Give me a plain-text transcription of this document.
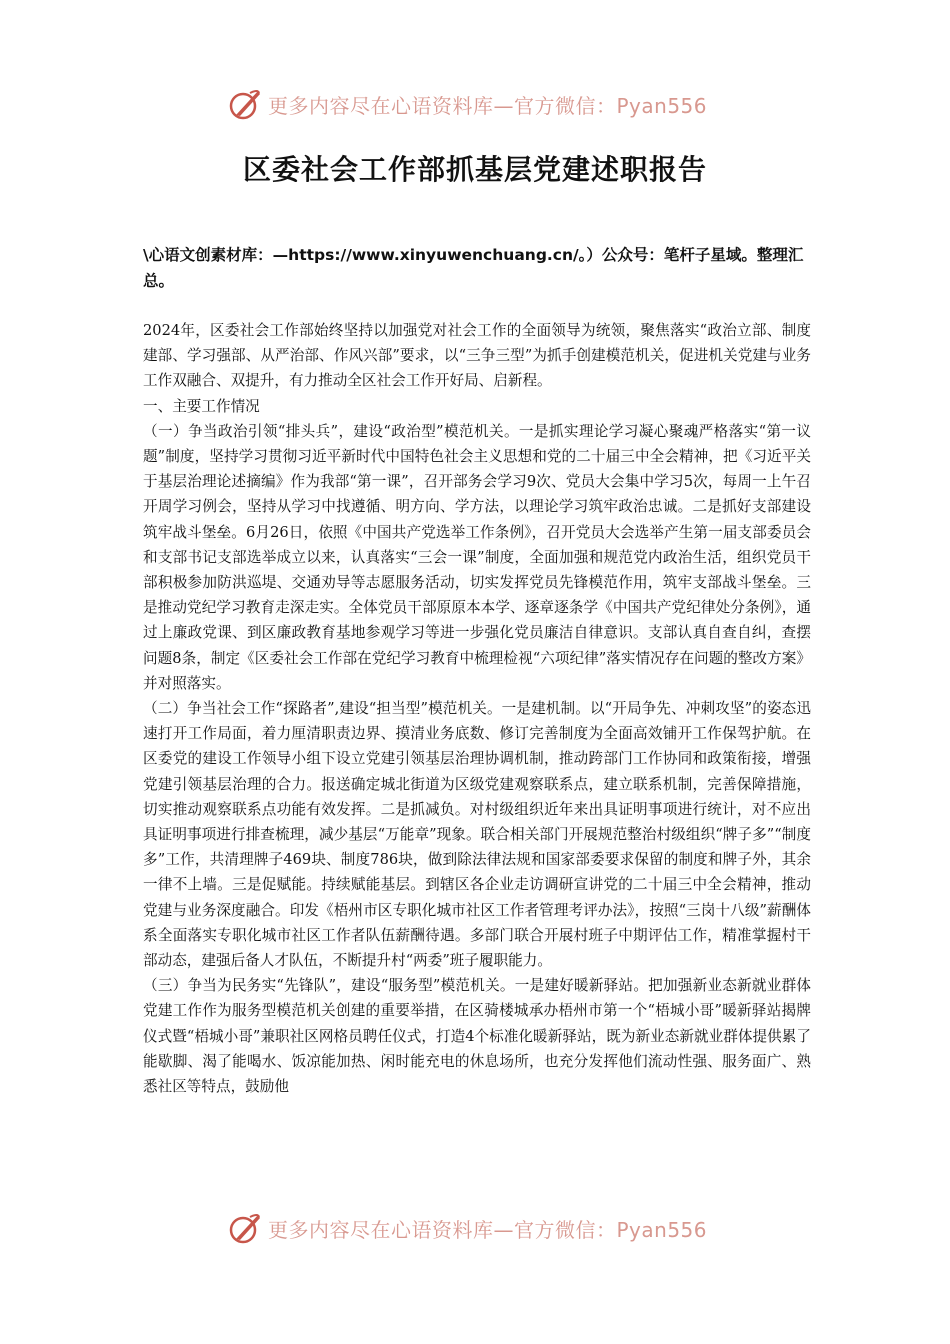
更多内容尽在心语资料库—官方微信：Pyan556
区委社会工作部抓基层党建述职报告
\心语文创素材库：—https://www.xinyuwenchuang.cn/。）公众号：笔杆子星域。整理汇总。

2024年，区委社会工作部始终坚持以加强党对社会工作的全面领导为统领，聚焦落实“政治立部、制度建部、学习强部、从严治部、作风兴部”要求，以“三争三型”为抓手创建模范机关，促进机关党建与业务工作双融合、双提升，有力推动全区社会工作开好局、启新程。

一、主要工作情况

（一）争当政治引领“排头兵”，建设“政治型”模范机关。一是抓实理论学习凝心聚魂严格落实“第一议题”制度，坚持学习贯彻习近平新时代中国特色社会主义思想和党的二十届三中全会精神，把《习近平关于基层治理论述摘编》作为我部“第一课”，召开部务会学习9次、党员大会集中学习5次，每周一上午召开周学习例会，坚持从学习中找遵循、明方向、学方法，以理论学习筑牢政治忠诚。二是抓好支部建设筑牢战斗堡垒。6月26日，依照《中国共产党选举工作条例》，召开党员大会选举产生第一届支部委员会和支部书记支部选举成立以来，认真落实“三会一课”制度，全面加强和规范党内政治生活，组织党员干部积极参加防洪巡堤、交通劝导等志愿服务活动，切实发挥党员先锋模范作用，筑牢支部战斗堡垒。三是推动党纪学习教育走深走实。全体党员干部原原本本学、逐章逐条学《中国共产党纪律处分条例》，通过上廉政党课、到区廉政教育基地参观学习等进一步强化党员廉洁自律意识。支部认真自查自纠，查摆问题8条，制定《区委社会工作部在党纪学习教育中梳理检视“六项纪律”落实情况存在问题的整改方案》并对照落实。

（二）争当社会工作“探路者”,建设“担当型”模范机关。一是建机制。以“开局争先、冲刺攻坚”的姿态迅速打开工作局面，着力厘清职责边界、摸清业务底数、修订完善制度为全面高效铺开工作保驾护航。在区委党的建设工作领导小组下设立党建引领基层治理协调机制，推动跨部门工作协同和政策衔接，增强党建引领基层治理的合力。报送确定城北街道为区级党建观察联系点，建立联系机制，完善保障措施，切实推动观察联系点功能有效发挥。二是抓减负。对村级组织近年来出具证明事项进行统计，对不应出具证明事项进行排查梳理，减少基层“万能章”现象。联合相关部门开展规范整治村级组织“牌子多”“制度多”工作，共清理牌子469块、制度786块，做到除法律法规和国家部委要求保留的制度和牌子外，其余一律不上墙。三是促赋能。持续赋能基层。到辖区各企业走访调研宣讲党的二十届三中全会精神，推动党建与业务深度融合。印发《梧州市区专职化城市社区工作者管理考评办法》，按照“三岗十八级”薪酬体系全面落实专职化城市社区工作者队伍薪酬待遇。多部门联合开展村班子中期评估工作，精准掌握村干部动态，建强后备人才队伍，不断提升村“两委”班子履职能力。

（三）争当为民务实“先锋队”，建设“服务型”模范机关。一是建好暖新驿站。把加强新业态新就业群体党建工作作为服务型模范机关创建的重要举措，在区骑楼城承办梧州市第一个“梧城小哥”暖新驿站揭牌仪式暨“梧城小哥”兼职社区网格员聘任仪式，打造4个标准化暖新驿站，既为新业态新就业群体提供累了能歇脚、渴了能喝水、饭凉能加热、闲时能充电的休息场所，也充分发挥他们流动性强、服务面广、熟悉社区等特点，鼓励他

更多内容尽在心语资料库—官方微信：Pyan556
